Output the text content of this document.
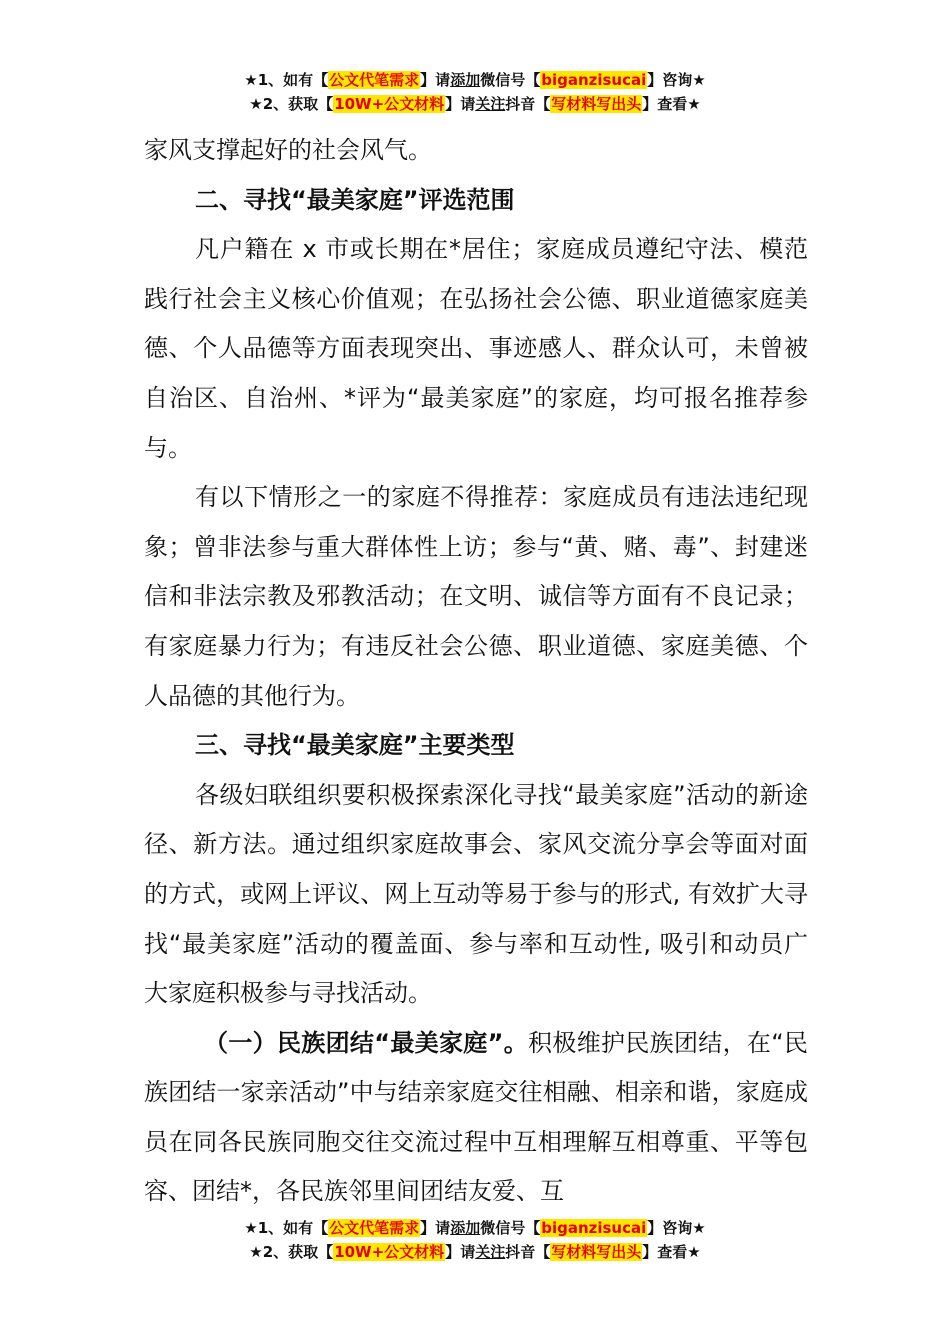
★1、如有【公文代笔需求】请添加微信号【biganzisucai】咨询★
★2、获取【10W+公文材料】请关注抖音【写材料写出头】查看★

家风支撑起好的社会风气。

二、寻找“最美家庭”评选范围

凡户籍在 x 市或长期在*居住；家庭成员遵纪守法、模范践行社会主义核心价值观；在弘扬社会公德、职业道德家庭美德、个人品德等方面表现突出、事迹感人、群众认可，未曾被自治区、自治州、*评为“最美家庭”的家庭，均可报名推荐参与。

有以下情形之一的家庭不得推荐：家庭成员有违法违纪现象；曾非法参与重大群体性上访；参与“黄、赌、毒”、封建迷信和非法宗教及邪教活动；在文明、诚信等方面有不良记录；有家庭暴力行为；有违反社会公德、职业道德、家庭美德、个人品德的其他行为。

三、寻找“最美家庭”主要类型

各级妇联组织要积极探索深化寻找“最美家庭”活动的新途径、新方法。通过组织家庭故事会、家风交流分享会等面对面的方式，或网上评议、网上互动等易于参与的形式, 有效扩大寻找“最美家庭”活动的覆盖面、参与率和互动性, 吸引和动员广大家庭积极参与寻找活动。

（一）民族团结“最美家庭”。积极维护民族团结，在“民族团结一家亲活动”中与结亲家庭交往相融、相亲和谐，家庭成员在同各民族同胞交往交流过程中互相理解互相尊重、平等包容、团结*，各民族邻里间团结友爱、互

★1、如有【公文代笔需求】请添加微信号【biganzisucai】咨询★
★2、获取【10W+公文材料】请关注抖音【写材料写出头】查看★
